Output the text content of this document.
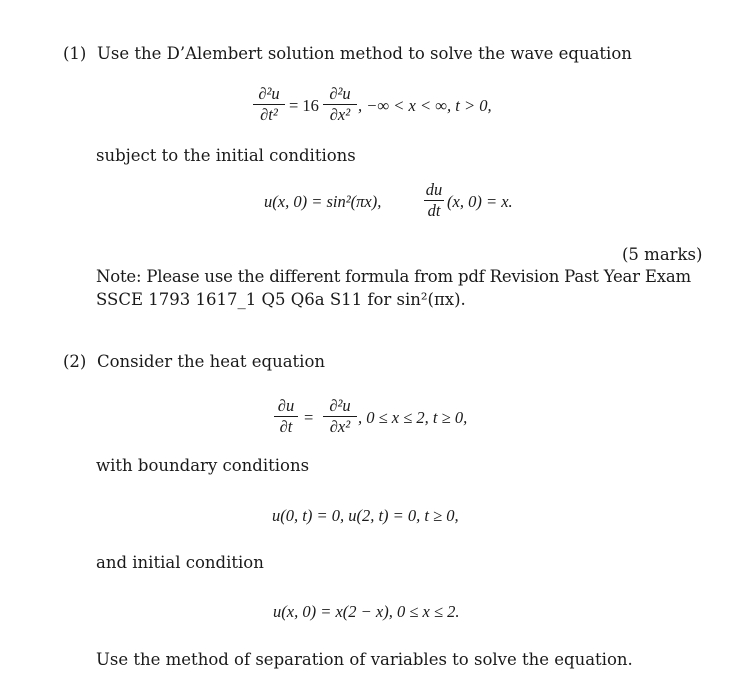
(1) Use the D’Alembert solution method to solve the wave equation
∂²u
∂t² = 16
∂²u
∂x² , −∞ < x < ∞, t > 0,
subject to the initial conditions
u(x, 0) = sin²(πx),
du
dt (x, 0) = x.
(5 marks)
Note: Please use the different formula from pdf Revision Past Year Exam
SSCE 1793 1617_1 Q5 Q6a S11 for sin²(πx).
(2) Consider the heat equation
∂u
∂t =
∂²u
∂x² , 0 ≤ x ≤ 2, t ≥ 0,
with boundary conditions
u(0, t) = 0, u(2, t) = 0, t ≥ 0,
and initial condition
u(x, 0) = x(2 − x), 0 ≤ x ≤ 2.
Use the method of separation of variables to solve the equation.
